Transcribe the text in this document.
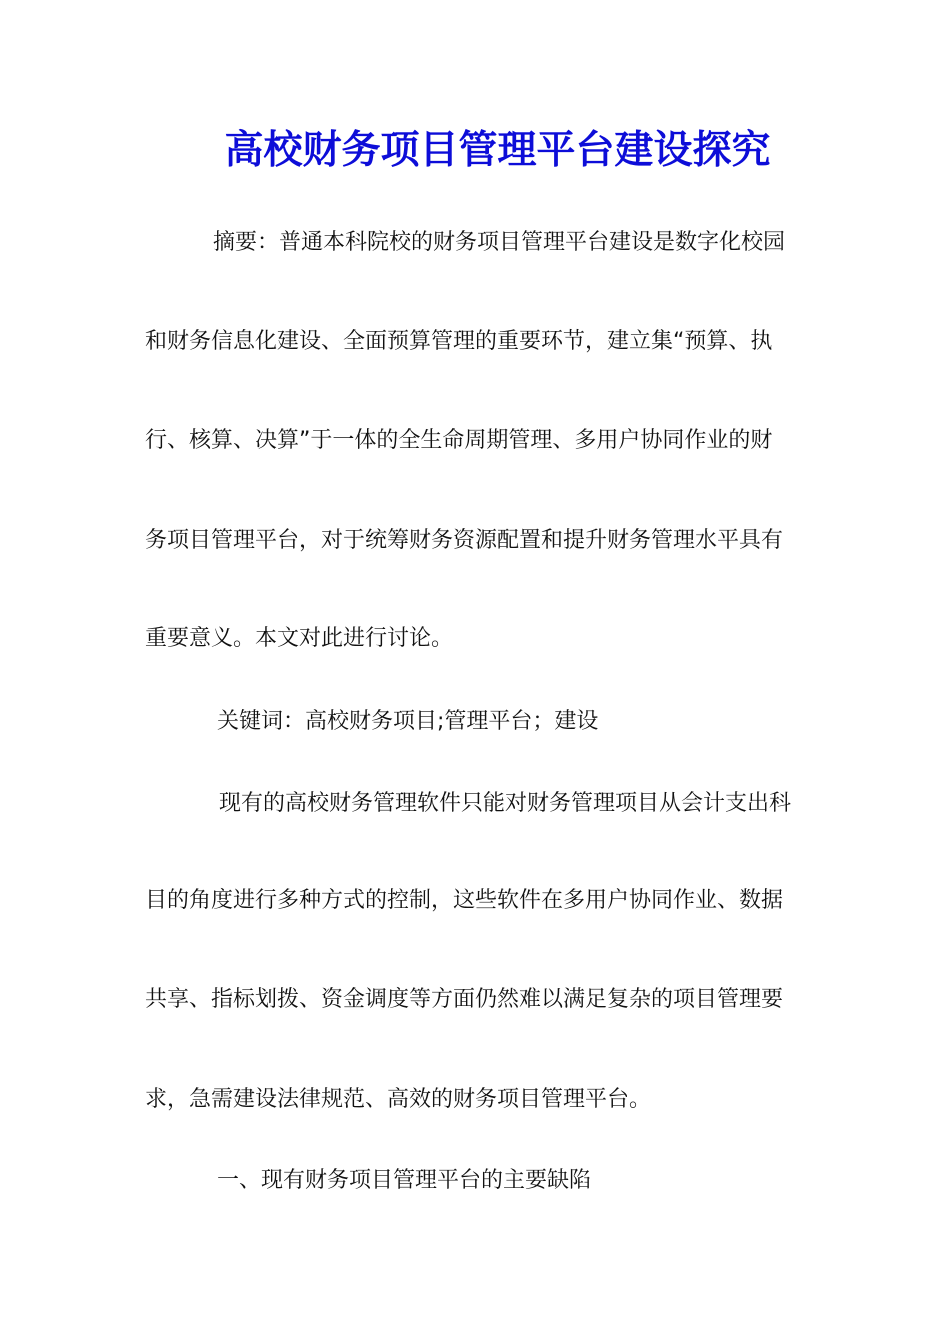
高校财务项目管理平台建设探究
摘要：普通本科院校的财务项目管理平台建设是数字化校园
和财务信息化建设、全面预算管理的重要环节，建立集“预算、执
行、核算、决算”于一体的全生命周期管理、多用户协同作业的财
务项目管理平台，对于统筹财务资源配置和提升财务管理水平具有
重要意义。本文对此进行讨论。
关键词：高校财务项目;管理平台；建设
现有的高校财务管理软件只能对财务管理项目从会计支出科
目的角度进行多种方式的控制，这些软件在多用户协同作业、数据
共享、指标划拨、资金调度等方面仍然难以满足复杂的项目管理要
求，急需建设法律规范、高效的财务项目管理平台。
一、现有财务项目管理平台的主要缺陷
